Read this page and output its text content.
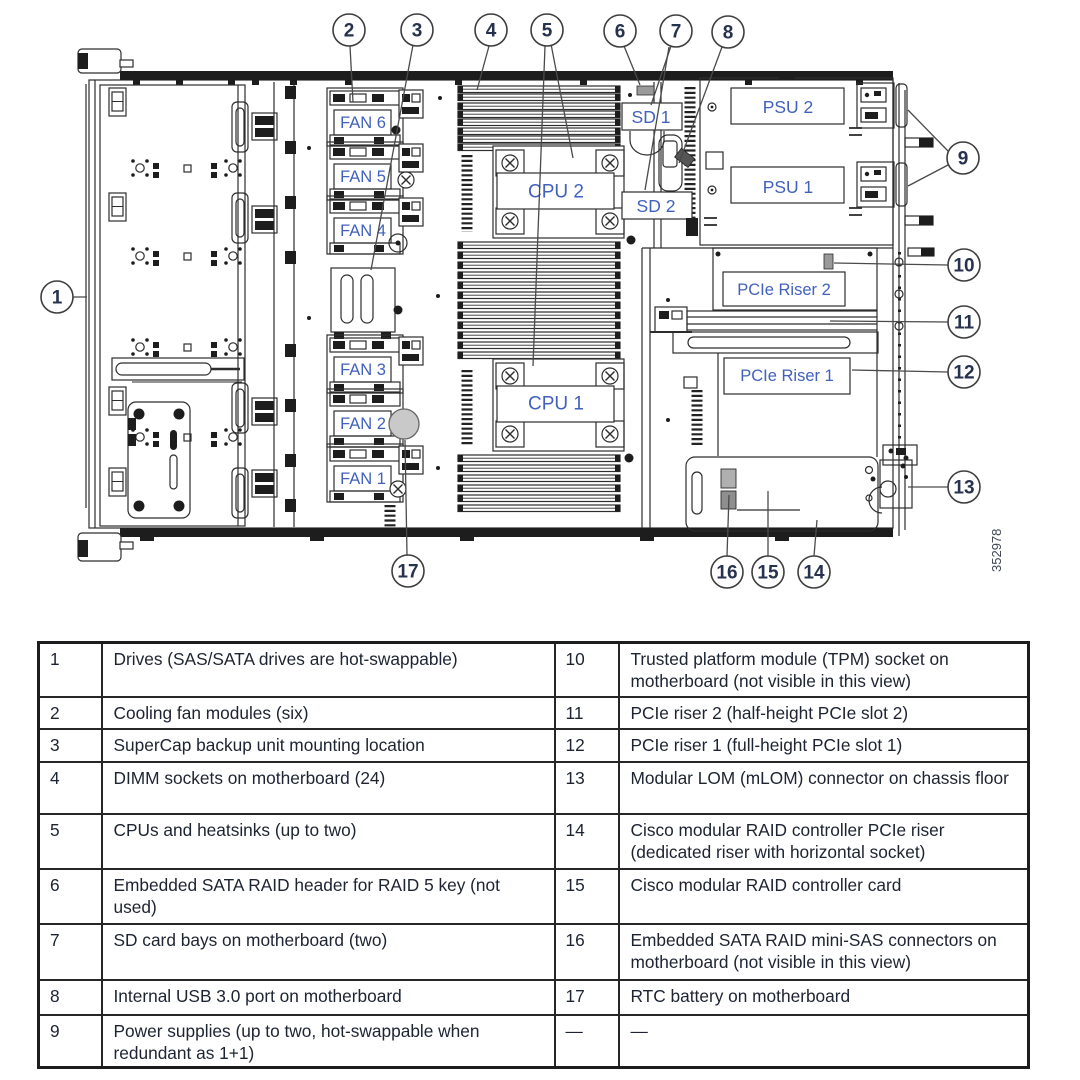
FAN 6
FAN 5
FAN 4
FAN 3
FAN 2
FAN 1
CPU 2
CPU 1
SD 1
SD 2
PSU 2
PSU 1
PCIe Riser 2
PCIe Riser 1
1
2	3	4 5	6 7 8
9
10
11
12
13
14
15
16
17	352978
1	Drives (SAS/SATA drives are hot-swappable)	10	Trusted platform module (TPM) socket on motherboard (not visible in this view)
2	Cooling fan modules (six)	11	PCIe riser 2 (half-height PCIe slot 2)
3	SuperCap backup unit mounting location	12	PCIe riser 1 (full-height PCIe slot 1)
4	DIMM sockets on motherboard (24)	13	Modular LOM (mLOM) connector on chassis floor
5	CPUs and heatsinks (up to two)	14	Cisco modular RAID controller PCIe riser (dedicated riser with horizontal socket)
6	Embedded SATA RAID header for RAID 5 key (not used)	15	Cisco modular RAID controller card
7	SD card bays on motherboard (two)	16	Embedded SATA RAID mini-SAS connectors on motherboard (not visible in this view)
8	Internal USB 3.0 port on motherboard	17	RTC battery on motherboard
9	Power supplies (up to two, hot-swappable when redundant as 1+1)	—	—
